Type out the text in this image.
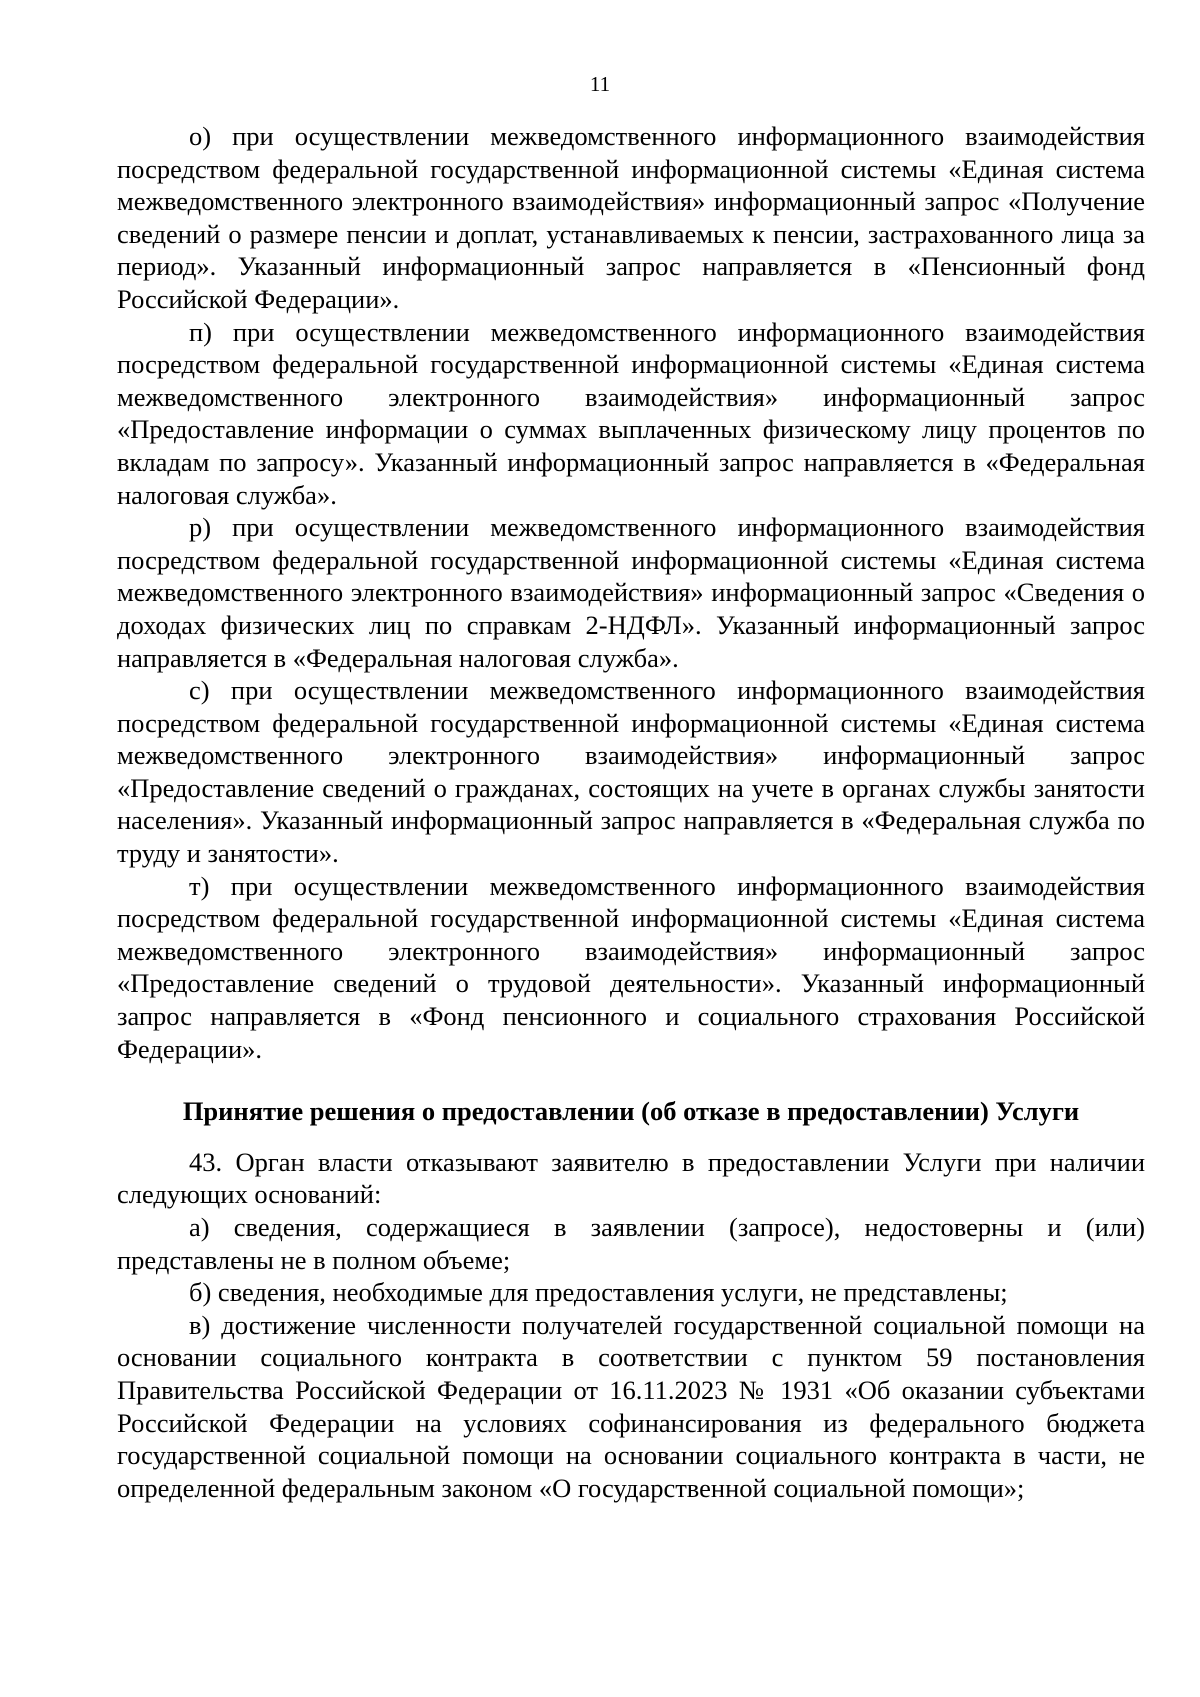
11

о) при осуществлении межведомственного информационного взаимодействия посредством федеральной государственной информационной системы «Единая система межведомственного электронного взаимодействия» информационный запрос «Получение сведений о размере пенсии и доплат, устанавливаемых к пенсии, застрахованного лица за период». Указанный информационный запрос направляется в «Пенсионный фонд Российской Федерации».

п) при осуществлении межведомственного информационного взаимодействия посредством федеральной государственной информационной системы «Единая система межведомственного электронного взаимодействия» информационный запрос «Предоставление информации о суммах выплаченных физическому лицу процентов по вкладам по запросу». Указанный информационный запрос направляется в «Федеральная налоговая служба».

р) при осуществлении межведомственного информационного взаимодействия посредством федеральной государственной информационной системы «Единая система межведомственного электронного взаимодействия» информационный запрос «Сведения о доходах физических лиц по справкам 2-НДФЛ». Указанный информационный запрос направляется в «Федеральная налоговая служба».

с) при осуществлении межведомственного информационного взаимодействия посредством федеральной государственной информационной системы «Единая система межведомственного электронного взаимодействия» информационный запрос «Предоставление сведений о гражданах, состоящих на учете в органах службы занятости населения». Указанный информационный запрос направляется в «Федеральная служба по труду и занятости».

т) при осуществлении межведомственного информационного взаимодействия посредством федеральной государственной информационной системы «Единая система межведомственного электронного взаимодействия» информационный запрос «Предоставление сведений о трудовой деятельности». Указанный информационный запрос направляется в «Фонд пенсионного и социального страхования Российской Федерации».

Принятие решения о предоставлении (об отказе в предоставлении) Услуги

43. Орган власти отказывают заявителю в предоставлении Услуги при наличии следующих оснований:

а) сведения, содержащиеся в заявлении (запросе), недостоверны и (или) представлены не в полном объеме;

б) сведения, необходимые для предоставления услуги, не представлены;

в) достижение численности получателей государственной социальной помощи на основании социального контракта в соответствии с пунктом 59 постановления Правительства Российской Федерации от 16.11.2023 № 1931 «Об оказании субъектами Российской Федерации на условиях софинансирования из федерального бюджета государственной социальной помощи на основании социального контракта в части, не определенной федеральным законом «О государственной социальной помощи»;
